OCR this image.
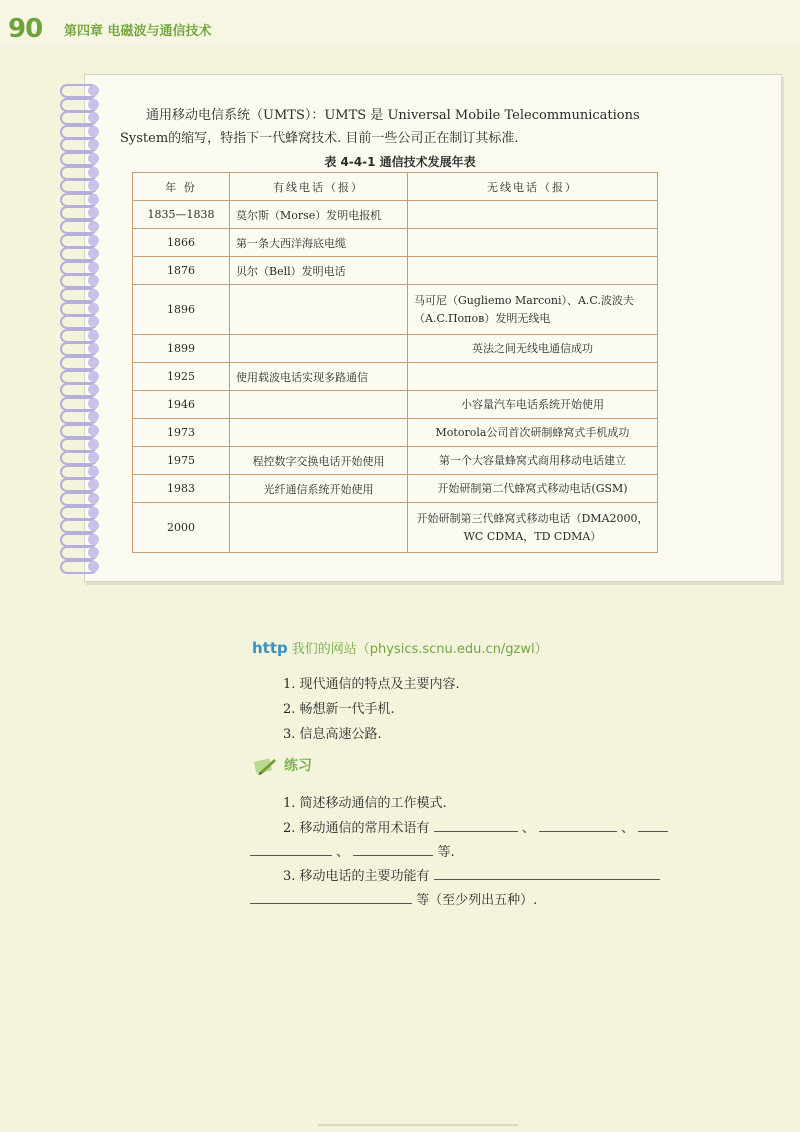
90 第四章 电磁波与通信技术

通用移动电信系统（UMTS）：UMTS 是 Universal Mobile Telecommunications

System的缩写，特指下一代蜂窝技术. 目前一些公司正在制订其标准.
表 4-4-1 通信技术发展年表
年 份	有线电话（报）	无线电话（报）
1835—1838	莫尔斯（Morse）发明电报机	
1866	第一条大西洋海底电缆	
1876	贝尔（Bell）发明电话	
1896		马可尼（Gugliemo Marconi）、A.C.波波夫（A.C.Попов）发明无线电
1899		英法之间无线电通信成功
1925	使用载波电话实现多路通信	
1946		小容量汽车电话系统开始使用
1973		Motorola公司首次研制蜂窝式手机成功
1975	程控数字交换电话开始使用	第一个大容量蜂窝式商用移动电话建立
1983	光纤通信系统开始使用	开始研制第二代蜂窝式移动电话(GSM)
2000		开始研制第三代蜂窝式移动电话（DMA2000，WC CDMA，TD CDMA）
http 我们的网站（physics.scnu.edu.cn/gzwl）
1. 现代通信的特点及主要内容.
2. 畅想新一代手机.
3. 信息高速公路.
练习
1. 简述移动通信的工作模式.
2. 移动通信的常用术语有	、	、
、	等.
3. 移动电话的主要功能有
等（至少列出五种）.
